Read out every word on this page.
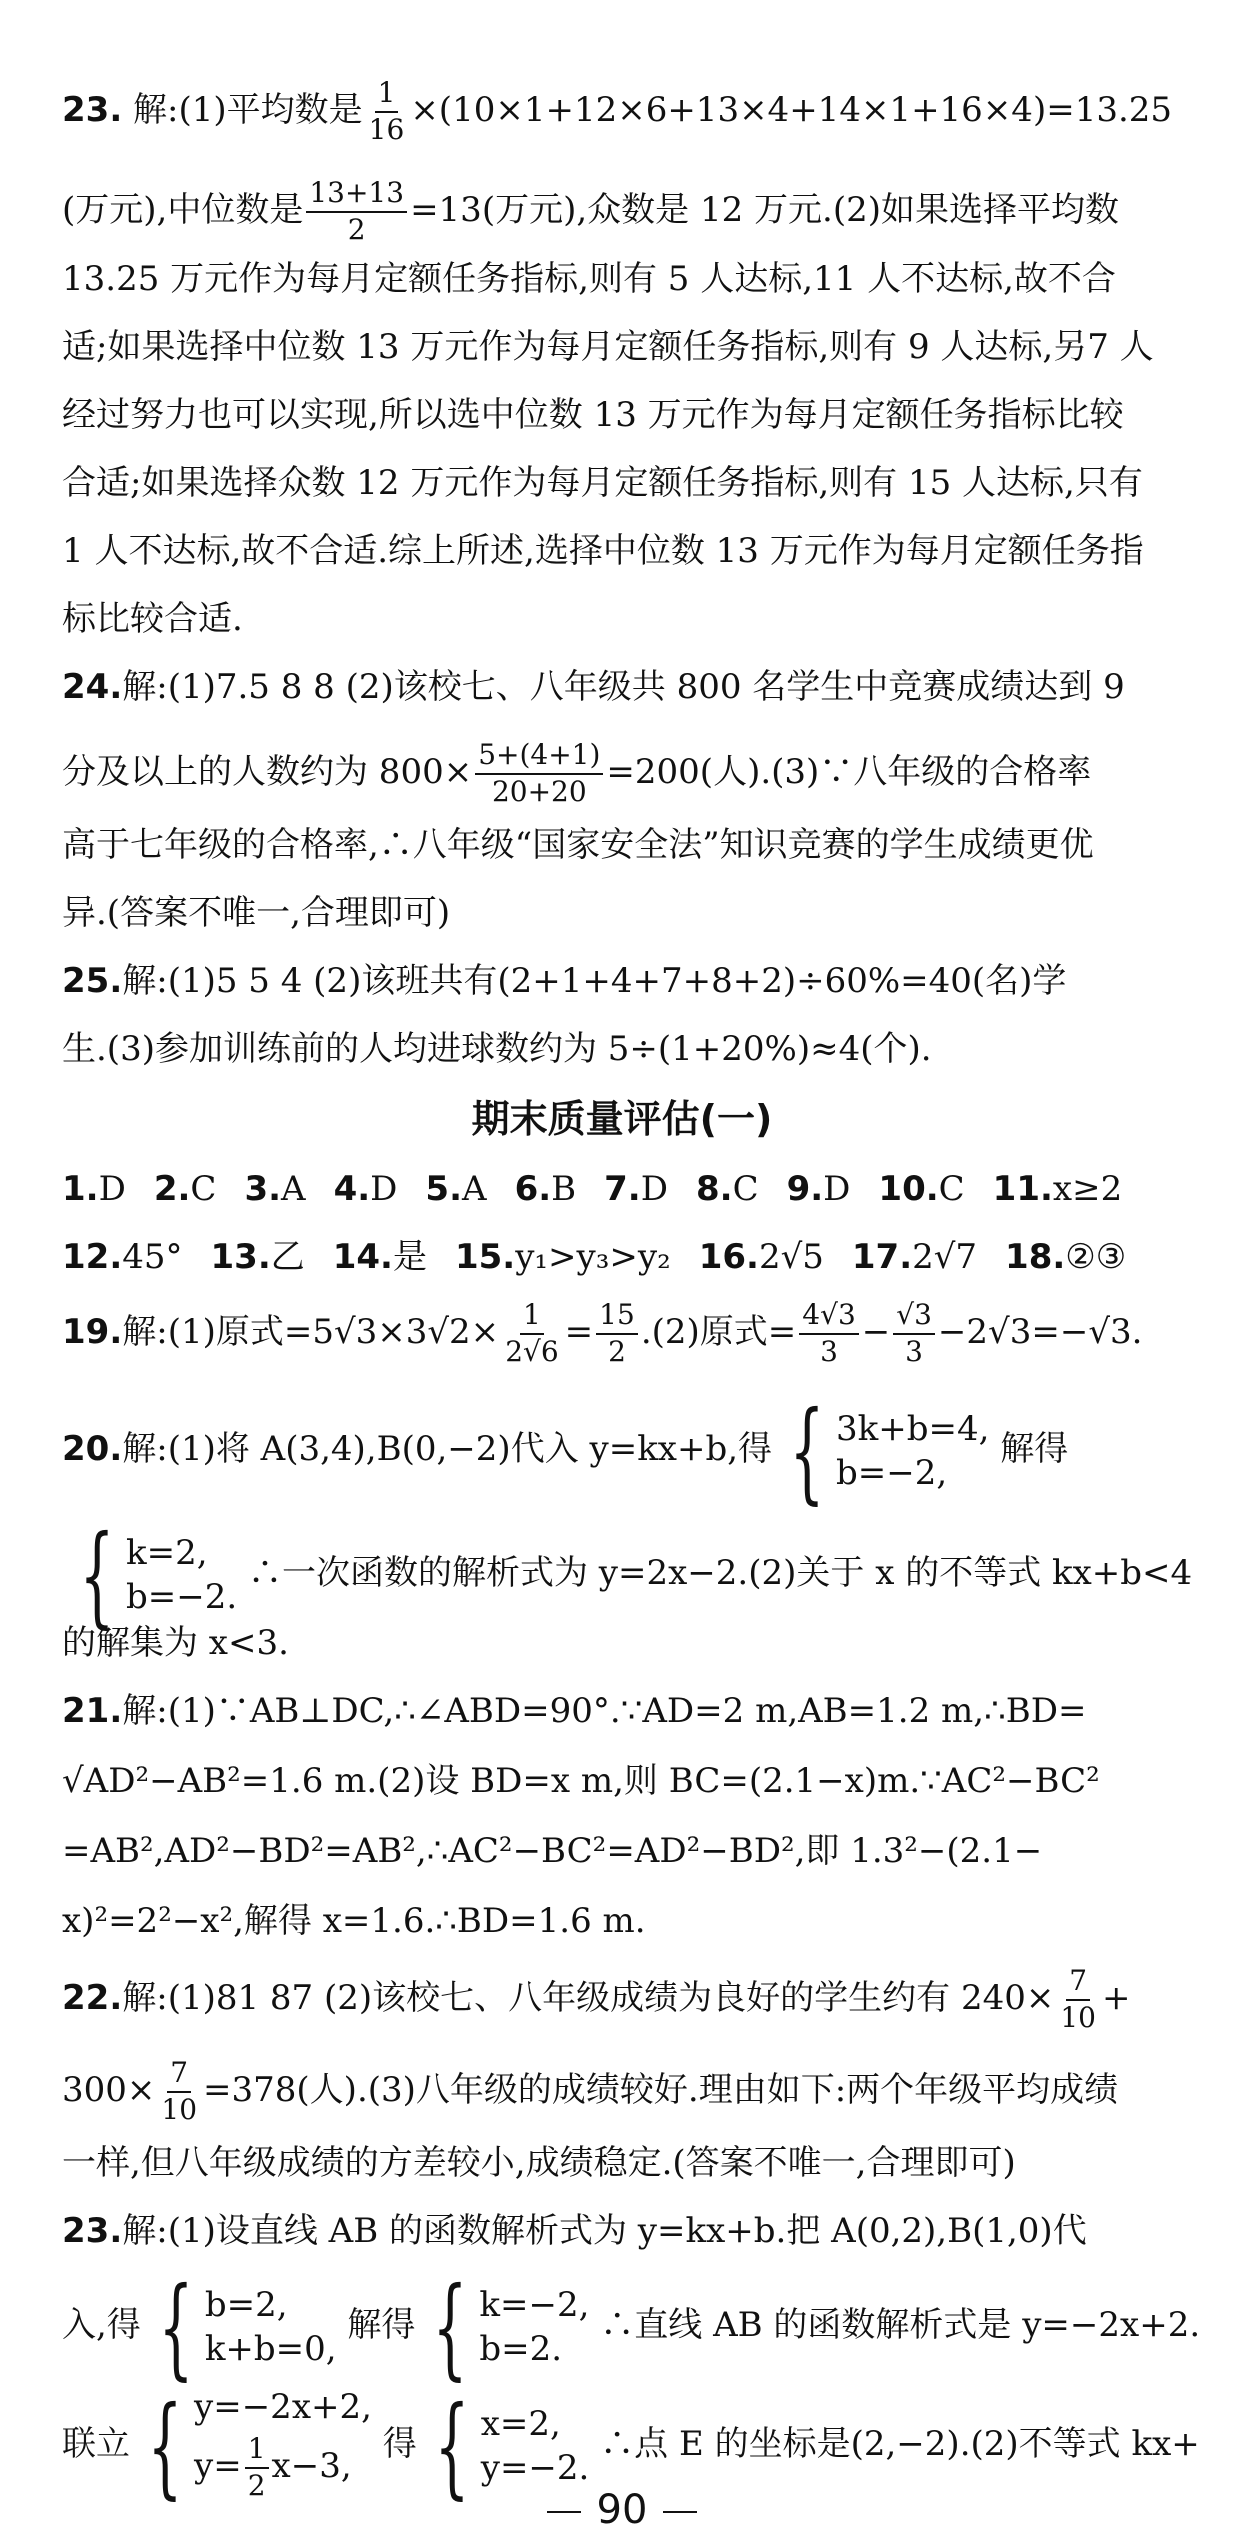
23. 解:(1)平均数是 $\frac{1}{16} \times(10\times 1+12\times 6+13\times 4+14\times 1+16\times 4)=13.25$
(万元),中位数是 $\frac{13+13}{2} =13$(万元),众数是 12 万元.(2)如果选择平均数
13.25 万元作为每月定额任务指标,则有 5 人达标,11 人不达标,故不合
适;如果选择中位数 13 万元作为每月定额任务指标,则有 9 人达标,另7 人
经过努力也可以实现,所以选中位数 13 万元作为每月定额任务指标比较
合适;如果选择众数 12 万元作为每月定额任务指标,则有 15 人达标,只有
1 人不达标,故不合适.综上所述,选择中位数 13 万元作为每月定额任务指
标比较合适.
24.解:(1)7.5 8 8 (2)该校七、八年级共 800 名学生中竞赛成绩达到 9
分及以上的人数约为 $800\times \frac{5+(4+1)}{20+20} =200$(人).(3)∵八年级的合格率
高于七年级的合格率,∴八年级“国家安全法”知识竞赛的学生成绩更优
异.(答案不唯一,合理即可)
25.解:(1)5 5 4 (2)该班共有(2+1+4+7+8+2)÷60%=40(名)学
生.(3)参加训练前的人均进球数约为 5÷(1+20%)≈4(个).
期末质量评估(一)
1.D 2.C 3.A 4.D 5.A 6.B 7.D 8.C 9.D 10.C 11.x≥2
12.45° 13.乙 14.是 15.y₁>y₃>y₂ 16.2√5 17.2√7 18.②③
19.解:(1)原式$=5√3\times 3√2\times \frac{1}{2√6} = \frac{15}{2} .(2)$原式= $\frac{4√3}{3} - \frac{√3}{3} -2√3=-√3$.
20.解:(1)将 A(3,4),B(0,−2)代入 y=kx+b,得 { 3k+b=4,
b=−2,
解得
{ k=2,
b=−2.
∴一次函数的解析式为 y=2x−2.(2)关于 x 的不等式 kx+b<4
的解集为 x<3.
21.解:(1)∵AB⊥DC,∴∠ABD=90°.∵AD=2 m,AB=1.2 m,∴BD=
√AD²−AB²=1.6 m.(2)设 BD=x m,则 BC=(2.1−x)m.∵AC²−BC²
=AB²,AD²−BD²=AB²,∴AC²−BC²=AD²−BD²,即 1.3²−(2.1−
x)²=2²−x²,解得 x=1.6.∴BD=1.6 m.
22.解:(1)81 87 (2)该校七、八年级成绩为良好的学生约有 $240\times \frac{7}{10}$ +
$300\times \frac{7}{10} =378$(人).(3)八年级的成绩较好.理由如下:两个年级平均成绩
一样,但八年级成绩的方差较小,成绩稳定.(答案不唯一,合理即可)
23.解:(1)设直线 AB 的函数解析式为 y=kx+b.把 A(0,2),B(1,0)代
入,得 { b=2,
k+b=0,
解得 { k=−2,
b=2.
∴直线 AB 的函数解析式是 y=−2x+2.
联立 { y=−2x+2,
$y= \frac{1}{2} x-3$,
得 { x=2,
y=−2.
∴点 E 的坐标是(2,−2).(2)不等式 kx+
90
